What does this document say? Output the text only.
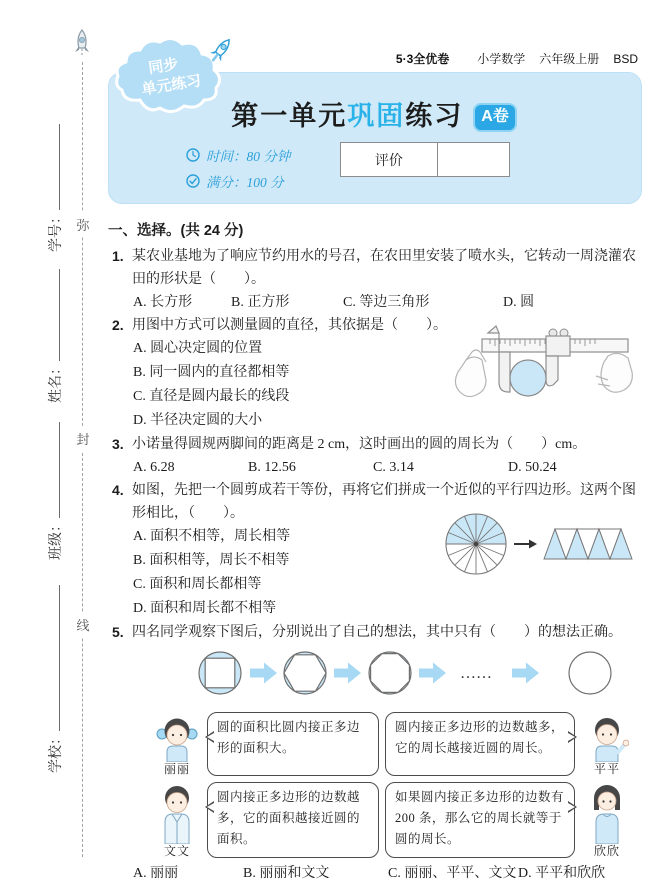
弥
封
线
学号：
姓名：
班级：
学校：
5·3全优卷 小学数学 六年级上册 BSD
同步
单元练习
第一单元巩固练习 A卷
时间：80 分钟
满分：100 分
评价
一、选择。(共 24 分)
1. 某农业基地为了响应节约用水的号召，在农田里安装了喷水头，它转动一周浇灌农田的形状是（　　）。
A. 长方形	B. 正方形	C. 等边三角形	D. 圆
2. 用图中方式可以测量圆的直径，其依据是（　　）。
A. 圆心决定圆的位置
B. 同一圆内的直径都相等
C. 直径是圆内最长的线段
D. 半径决定圆的大小
3. 小诺量得圆规两脚间的距离是 2 cm，这时画出的圆的周长为（　　）cm。
A. 6.28	B. 12.56	C. 3.14	D. 50.24
4. 如图，先把一个圆剪成若干等份，再将它们拼成一个近似的平行四边形。这两个图形相比，（　　）。
A. 面积不相等，周长相等
B. 面积相等，周长不相等
C. 面积和周长都相等
D. 面积和周长都不相等
5. 四名同学观察下图后，分别说出了自己的想法，其中只有（　　）的想法正确。
……
丽丽
圆的面积比圆内接正多边形的面积大。
圆内接正多边形的边数越多，它的周长越接近圆的周长。
平平
文文
圆内接正多边形的边数越多，它的面积越接近圆的面积。
如果圆内接正多边形的边数有 200 条，那么它的周长就等于圆的周长。
欣欣
A. 丽丽	B. 丽丽和文文	C. 丽丽、平平、文文 D. 平平和欣欣
